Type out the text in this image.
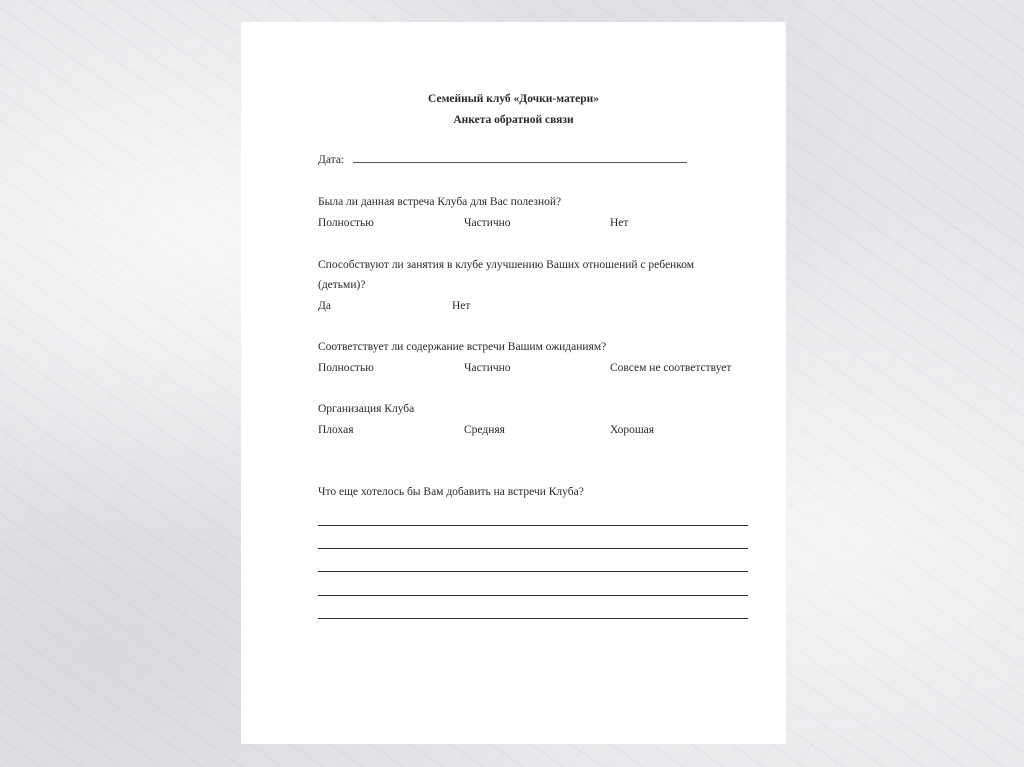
Семейный клуб «Дочки-матери»
Анкета обратной связи
Дата:
Была ли данная встреча Клуба для Вас полезной?
Полностью	Частично	Нет
Способствуют ли занятия в клубе улучшению Ваших отношений с ребенком
(детьми)?
Да	Нет
Соответствует ли содержание встречи Вашим ожиданиям?
Полностью	Частично	Совсем не соответствует
Организация Клуба
Плохая	Средняя	Хорошая
Что еще хотелось бы Вам добавить на встречи Клуба?
